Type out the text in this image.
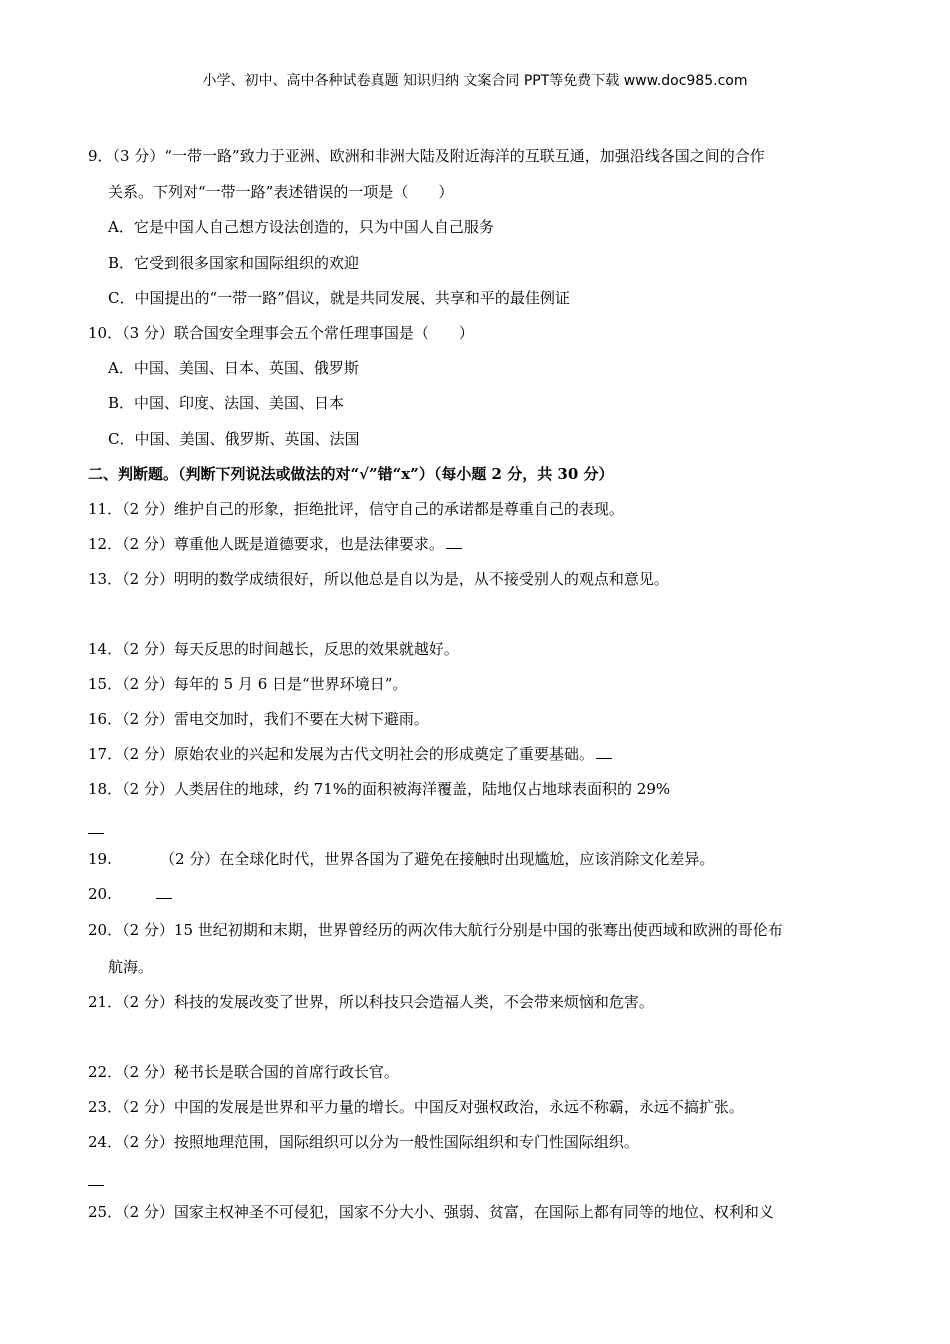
小学、初中、高中各种试卷真题 知识归纳 文案合同 PPT等免费下载 www.doc985.com
9．（3 分）“一带一路”致力于亚洲、欧洲和非洲大陆及附近海洋的互联互通，加强沿线各国之间的合作
关系。下列对“一带一路”表述错误的一项是（　　）
A．它是中国人自己想方设法创造的，只为中国人自己服务
B．它受到很多国家和国际组织的欢迎
C．中国提出的“一带一路”倡议，就是共同发展、共享和平的最佳例证
10．（3 分）联合国安全理事会五个常任理事国是（　　）
A．中国、美国、日本、英国、俄罗斯
B．中国、印度、法国、美国、日本
C．中国、美国、俄罗斯、英国、法国
二、判断题。（判断下列说法或做法的对“√”错“x”）（每小题 2 分，共 30 分）
11．（2 分）维护自己的形象，拒绝批评，信守自己的承诺都是尊重自己的表现。
12．（2 分）尊重他人既是道德要求，也是法律要求。
13．（2 分）明明的数学成绩很好，所以他总是自以为是，从不接受别人的观点和意见。
14．（2 分）每天反思的时间越长，反思的效果就越好。
15．（2 分）每年的 5 月 6 日是“世界环境日”。
16．（2 分）雷电交加时，我们不要在大树下避雨。
17．（2 分）原始农业的兴起和发展为古代文明社会的形成奠定了重要基础。
18．（2 分）人类居住的地球，约 71%的面积被海洋覆盖，陆地仅占地球表面积的 29%
19.	（2 分）在全球化时代，世界各国为了避免在接触时出现尴尬，应该消除文化差异。
20.
20．（2 分）15 世纪初期和末期，世界曾经历的两次伟大航行分别是中国的张骞出使西域和欧洲的哥伦布
航海。
21．（2 分）科技的发展改变了世界，所以科技只会造福人类，不会带来烦恼和危害。
22．（2 分）秘书长是联合国的首席行政长官。
23．（2 分）中国的发展是世界和平力量的增长。中国反对强权政治，永远不称霸，永远不搞扩张。
24．（2 分）按照地理范围，国际组织可以分为一般性国际组织和专门性国际组织。
25．（2 分）国家主权神圣不可侵犯，国家不分大小、强弱、贫富，在国际上都有同等的地位、权利和义
